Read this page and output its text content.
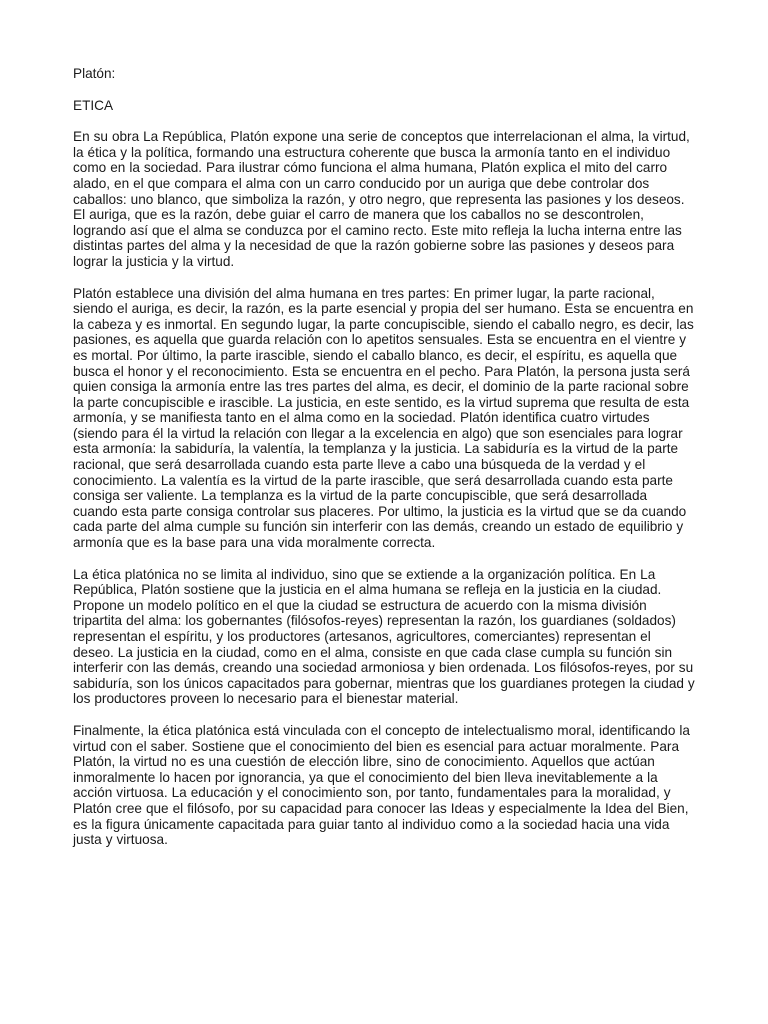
Platón:
ETICA

En su obra La República, Platón expone una serie de conceptos que interrelacionan el alma, la virtud, la ética y la política, formando una estructura coherente que busca la armonía tanto en el individuo como en la sociedad. Para ilustrar cómo funciona el alma humana, Platón explica el mito del carro alado, en el que compara el alma con un carro conducido por un auriga que debe controlar dos caballos: uno blanco, que simboliza la razón, y otro negro, que representa las pasiones y los deseos. El auriga, que es la razón, debe guiar el carro de manera que los caballos no se descontrolen, logrando así que el alma se conduzca por el camino recto. Este mito refleja la lucha interna entre las distintas partes del alma y la necesidad de que la razón gobierne sobre las pasiones y deseos para lograr la justicia y la virtud.

Platón establece una división del alma humana en tres partes: En primer lugar, la parte racional, siendo el auriga, es decir, la razón, es la parte esencial y propia del ser humano. Esta se encuentra en la cabeza y es inmortal. En segundo lugar, la parte concupiscible, siendo el caballo negro, es decir, las pasiones, es aquella que guarda relación con lo apetitos sensuales. Esta se encuentra en el vientre y es mortal. Por último, la parte irascible, siendo el caballo blanco, es decir, el espíritu, es aquella que busca el honor y el reconocimiento. Esta se encuentra en el pecho. Para Platón, la persona justa será quien consiga la armonía entre las tres partes del alma, es decir, el dominio de la parte racional sobre la parte concupiscible e irascible. La justicia, en este sentido, es la virtud suprema que resulta de esta armonía, y se manifiesta tanto en el alma como en la sociedad. Platón identifica cuatro virtudes (siendo para él la virtud la relación con llegar a la excelencia en algo) que son esenciales para lograr esta armonía: la sabiduría, la valentía, la templanza y la justicia. La sabiduría es la virtud de la parte racional, que será desarrollada cuando esta parte lleve a cabo una búsqueda de la verdad y el conocimiento. La valentía es la virtud de la parte irascible, que será desarrollada cuando esta parte consiga ser valiente. La templanza es la virtud de la parte concupiscible, que será desarrollada cuando esta parte consiga controlar sus placeres. Por ultimo, la justicia es la virtud que se da cuando cada parte del alma cumple su función sin interferir con las demás, creando un estado de equilibrio y armonía que es la base para una vida moralmente correcta.

La ética platónica no se limita al individuo, sino que se extiende a la organización política. En La República, Platón sostiene que la justicia en el alma humana se refleja en la justicia en la ciudad. Propone un modelo político en el que la ciudad se estructura de acuerdo con la misma división tripartita del alma: los gobernantes (filósofos-reyes) representan la razón, los guardianes (soldados) representan el espíritu, y los productores (artesanos, agricultores, comerciantes) representan el deseo. La justicia en la ciudad, como en el alma, consiste en que cada clase cumpla su función sin interferir con las demás, creando una sociedad armoniosa y bien ordenada. Los filósofos-reyes, por su sabiduría, son los únicos capacitados para gobernar, mientras que los guardianes protegen la ciudad y los productores proveen lo necesario para el bienestar material.

Finalmente, la ética platónica está vinculada con el concepto de intelectualismo moral, identificando la virtud con el saber. Sostiene que el conocimiento del bien es esencial para actuar moralmente. Para Platón, la virtud no es una cuestión de elección libre, sino de conocimiento. Aquellos que actúan inmoralmente lo hacen por ignorancia, ya que el conocimiento del bien lleva inevitablemente a la acción virtuosa. La educación y el conocimiento son, por tanto, fundamentales para la moralidad, y Platón cree que el filósofo, por su capacidad para conocer las Ideas y especialmente la Idea del Bien, es la figura únicamente capacitada para guiar tanto al individuo como a la sociedad hacia una vida justa y virtuosa.
